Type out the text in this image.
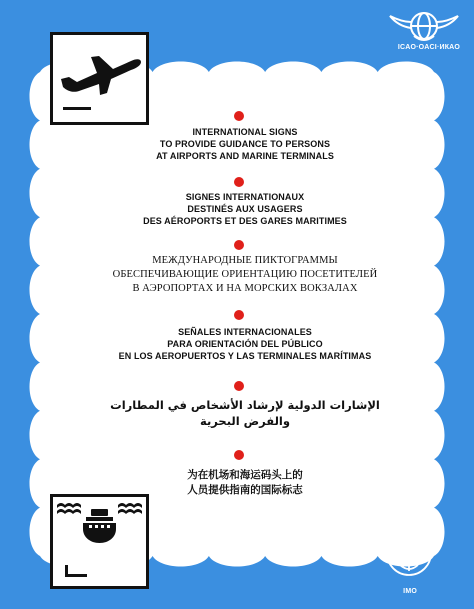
ICAO·OACI·ИКАО
INTERNATIONAL SIGNS
TO PROVIDE GUIDANCE TO PERSONS
AT AIRPORTS AND MARINE TERMINALS
SIGNES INTERNATIONAUX
DESTINÉS AUX USAGERS
DES AÉROPORTS ET DES GARES MARITIMES
МЕЖДУНАРОДНЫЕ ПИКТОГРАММЫ
ОБЕСПЕЧИВАЮЩИЕ ОРИЕНТАЦИЮ ПОСЕТИТЕЛЕЙ
В АЭРОПОРТАХ И НА МОРСКИХ ВОКЗАЛАХ
SEÑALES INTERNACIONALES
PARA ORIENTACIÓN DEL PÚBLICO
EN LOS AEROPUERTOS Y LAS TERMINALES MARÍTIMAS
الإشارات الدولية لإرشاد الأشخاص في المطارات
والفرض البحرية
为在机场和海运码头上的
人员提供指南的国际标志
IMO
